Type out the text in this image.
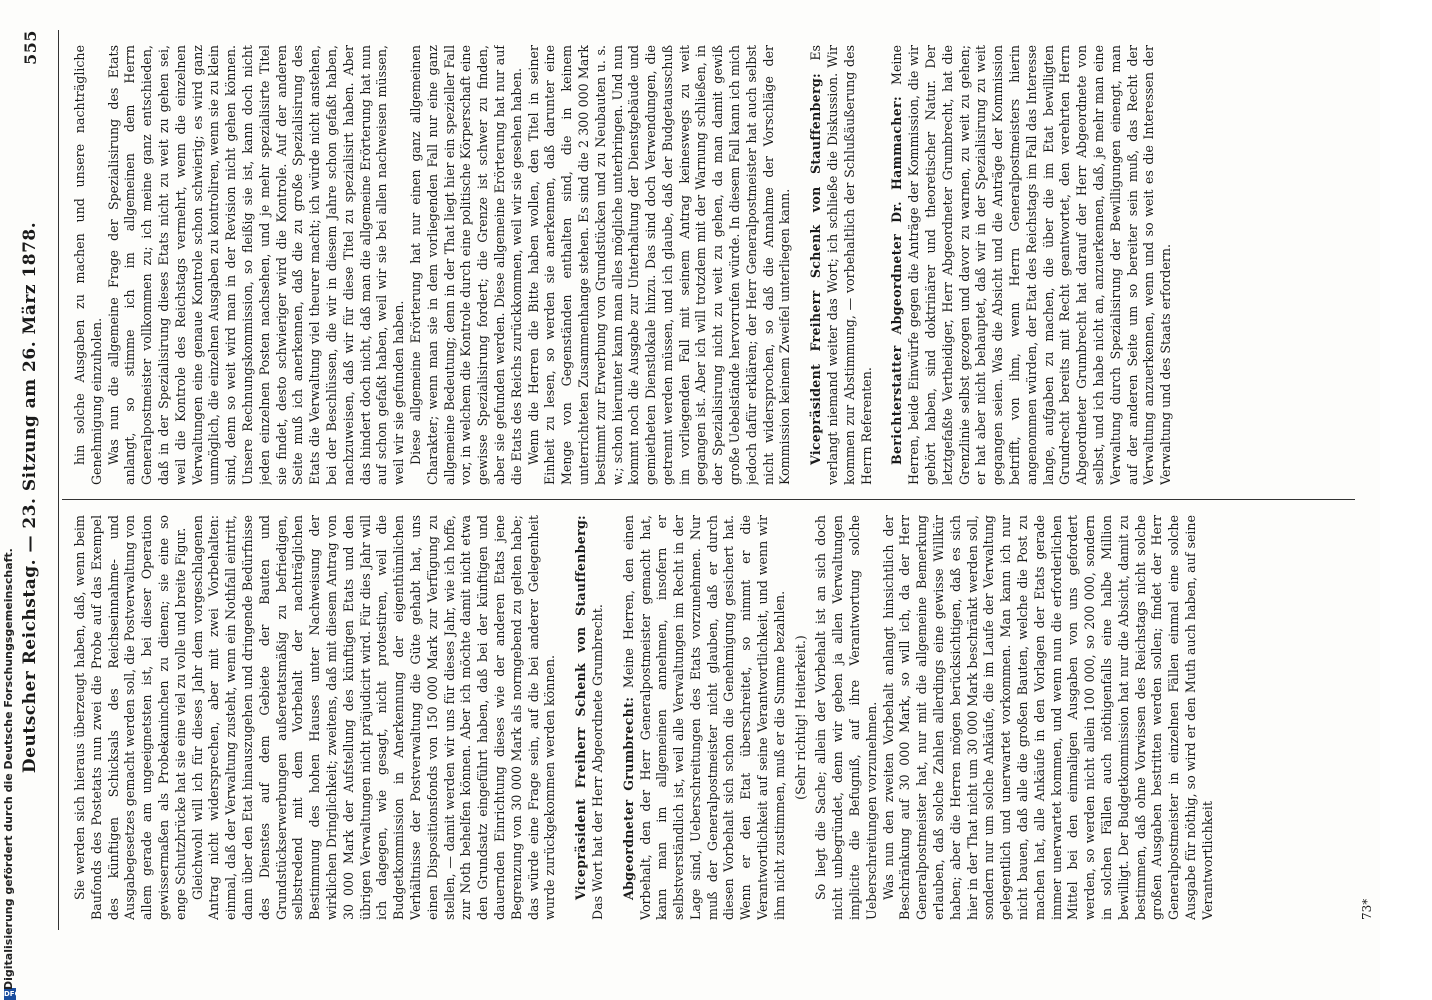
Deutscher Reichstag. — 23. Sitzung am 26. März 1878.
555

Sie werden sich hieraus überzeugt haben, daß, wenn beim Baufonds des Postetats nun zwei die Probe auf das Exempel des künftigen Schicksals des Reichseinnahme- und Ausgabegesetzes gemacht werden soll, die Postverwaltung von allem gerade am ungeeignetsten ist, bei dieser Operation gewissermaßen als Probekaninchen zu dienen; sie eine so enge Schutzbrücke hat sie eine viel zu volle und breite Figur. Gleichwohl will ich für dieses Jahr dem vorgeschlagenen Antrag nicht widersprechen, aber mit zwei Vorbehalten: einmal, daß der Verwaltung zusteht, wenn ein Nothfall eintritt, dann über den Etat hinauszugehen und dringende Bedürfnisse des Dienstes auf dem Gebiete der Bauten und Grundstückserwerbungen außeretatsmäßig zu befriedigen, selbstredend mit dem Vorbehalt der nachträglichen Bestimmung des hohen Hauses unter Nachweisung der wirklichen Dringlichkeit; zweitens, daß mit diesem Antrag von 30 000 Mark der Aufstellung des künftigen Etats und den übrigen Verwaltungen nicht präjudicirt wird. Für dies Jahr will ich dagegen, wie gesagt, nicht protestiren, weil die Budgetkommission in Anerkennung der eigenthümlichen Verhältnisse der Postverwaltung die Güte gehabt hat, uns einen Dispositionsfonds von 150 000 Mark zur Verfügung zu stellen, — damit werden wir uns für dieses Jahr, wie ich hoffe, zur Noth behelfen können. Aber ich möchte damit nicht etwa den Grundsatz eingeführt haben, daß bei der künftigen und dauernden Einrichtung dieses wie der anderen Etats jene Begrenzung von 30 000 Mark als normgebend zu gelten habe; das würde eine Frage sein, auf die bei anderer Gelegenheit wurde zurückgekommen werden können. Vicepräsident Freiherr Schenk von Stauffenberg: Das Wort hat der Herr Abgeordnete Grumbrecht. Abgeordneter Grumbrecht: Meine Herren, den einen Vorbehalt, den der Herr Generalpostmeister gemacht hat, kann man im allgemeinen annehmen, insofern er selbstverständlich ist, weil alle Verwaltungen im Recht in der Lage sind, Ueberschreitungen des Etats vorzunehmen. Nur muß der Generalpostmeister nicht glauben, daß er durch diesen Vorbehalt sich schon die Genehmigung gesichert hat. Wenn er den Etat überschreitet, so nimmt er die Verantwortlichkeit auf seine Verantwortlichkeit, und wenn wir ihm nicht zustimmen, muß er die Summe bezahlen. (Sehr richtig! Heiterkeit.) So liegt die Sache; allein der Vorbehalt ist an sich doch nicht unbegründet, denn wir geben ja allen Verwaltungen implicite die Befugniß, auf ihre Verantwortung solche Ueberschreitungen vorzunehmen. Was nun den zweiten Vorbehalt anlangt hinsichtlich der Beschränkung auf 30 000 Mark, so will ich, da der Herr Generalpostmeister hat, nur mit die allgemeine Bemerkung erlauben, daß solche Zahlen allerdings eine gewisse Willkür haben; aber die Herren mögen berücksichtigen, daß es sich hier in der That nicht um 30 000 Mark beschränkt werden soll, sondern nur um solche Ankäufe, die im Laufe der Verwaltung gelegentlich und unerwartet vorkommen. Man kann ich nur nicht bauen, daß alle die großen Bauten, welche die Post zu machen hat, alle Ankäufe in den Vorlagen der Etats gerade immer unerwartet kommen, und wenn nun die erforderlichen Mittel bei den einmaligen Ausgaben von uns gefordert werden, so werden nicht allein 100 000, so 200 000, sondern in solchen Fällen auch nöthigenfalls eine halbe Million bewilligt. Der Budgetkommission hat nur die Absicht, damit zu bestimmen, daß ohne Vorwissen des Reichstags nicht solche großen Ausgaben bestritten werden sollen; findet der Herr Generalpostmeister in einzelnen Fällen einmal eine solche Ausgabe für nöthig, so wird er den Muth auch haben, auf seine Verantwortlichkeit

hin solche Ausgaben zu machen und unsere nachträgliche Genehmigung einzuholen. Was nun die allgemeine Frage der Spezialisirung des Etats anlangt, so stimme ich im allgemeinen dem Herrn Generalpostmeister vollkommen zu; ich meine ganz entschieden, daß in der Spezialisirung dieses Etats nicht zu weit zu gehen sei, weil die Kontrole des Reichstags vermehrt, wenn die einzelnen Verwaltungen eine genaue Kontrole schon schwierig; es wird ganz unmöglich, die einzelnen Ausgaben zu kontroliren, wenn sie zu klein sind, denn so weit wird man in der Revision nicht gehen können. Unsere Rechnungskommission, so fleißig sie ist, kann doch nicht jeden einzelnen Posten nachsehen, und je mehr spezialisirte Titel sie findet, desto schwieriger wird die Kontrole. Auf der anderen Seite muß ich anerkennen, daß die zu große Spezialisirung des Etats die Verwaltung viel theurer macht; ich würde nicht anstehen, bei der Beschlüssen, die wir in diesem Jahre schon gefaßt haben, nachzuweisen, daß wir für diese Titel zu spezialisirt haben. Aber das hindert doch nicht, daß man die allgemeine Erörterung hat nun auf schon gefaßt haben, weil wir sie bei allen nachweisen müssen, weil wir sie gefunden haben. Diese allgemeine Erörterung hat nur einen ganz allgemeinen Charakter; wenn man sie in dem vorliegenden Fall nur eine ganz allgemeine Bedeutung; denn in der That liegt hier ein spezieller Fall vor, in welchem die Kontrole durch eine politische Körperschaft eine gewisse Spezialisirung fordert; die Grenze ist schwer zu finden, aber sie gefunden werden. Diese allgemeine Erörterung hat nur auf die Etats des Reichs zurückkommen, weil wir sie gesehen haben. Wenn die Herren die Bitte haben wollen, den Titel in seiner Einheit zu lesen, so werden sie anerkennen, daß darunter eine Menge von Gegenständen enthalten sind, die in keinem unterrichteten Zusammenhange stehen. Es sind die 2 300 000 Mark bestimmt zur Erwerbung von Grundstücken und zu Neubauten u. s. w.; schon hierunter kann man alles mögliche unterbringen. Und nun kommt noch die Ausgabe zur Unterhaltung der Dienstgebäude und gemietheten Dienstlokale hinzu. Das sind doch Verwendungen, die getrennt werden müssen, und ich glaube, daß der Budgetausschuß im vorliegenden Fall mit seinem Antrag keineswegs zu weit gegangen ist. Aber ich will trotzdem mit der Warnung schließen, in der Spezialisirung nicht zu weit zu gehen, da man damit gewiß große Uebelstände hervorrufen würde. In diesem Fall kann ich mich jedoch dafür erklären; der Herr Generalpostmeister hat auch selbst nicht widersprochen, so daß die Annahme der Vorschläge der Kommission keinem Zweifel unterliegen kann. Vicepräsident Freiherr Schenk von Stauffenberg: Es verlangt niemand weiter das Wort; ich schließe die Diskussion. Wir kommen zur Abstimmung, — vorbehaltlich der Schlußäußerung des Herrn Referenten. Berichterstatter Abgeordneter Dr. Hammacher: Meine Herren, beide Einwürfe gegen die Anträge der Kommission, die wir gehört haben, sind doktrinärer und theoretischer Natur. Der letztgefaßte Vertheidiger, Herr Abgeordneter Grumbrecht, hat die Grenzlinie selbst gezogen und davor zu warnen, zu weit zu gehen; er hat aber nicht behauptet, daß wir in der Spezialisirung zu weit gegangen seien. Was die Absicht und die Anträge der Kommission betrifft, von ihm, wenn Herrn Generalpostmeisters hierin angenommen würden, der Etat des Reichstags im Fall das Interesse lange, aufgaben zu machen, die über die im Etat bewilligten Grundrecht bereits mit Recht geantwortet, den verehrten Herrn Abgeordneter Grumbrecht hat darauf der Herr Abgeordnete von selbst, und ich habe nicht an, anzuerkennen, daß, je mehr man eine Verwaltung durch Spezialisirung der Bewilligungen einengt, man auf der anderen Seite um so bereiter sein muß, das Recht der Verwaltung anzuerkennen, wenn und so weit es die Interessen der Verwaltung und des Staats erfordern.

73*
DFG
Digitalisierung gefördert durch die Deutsche Forschungsgemeinschaft.
